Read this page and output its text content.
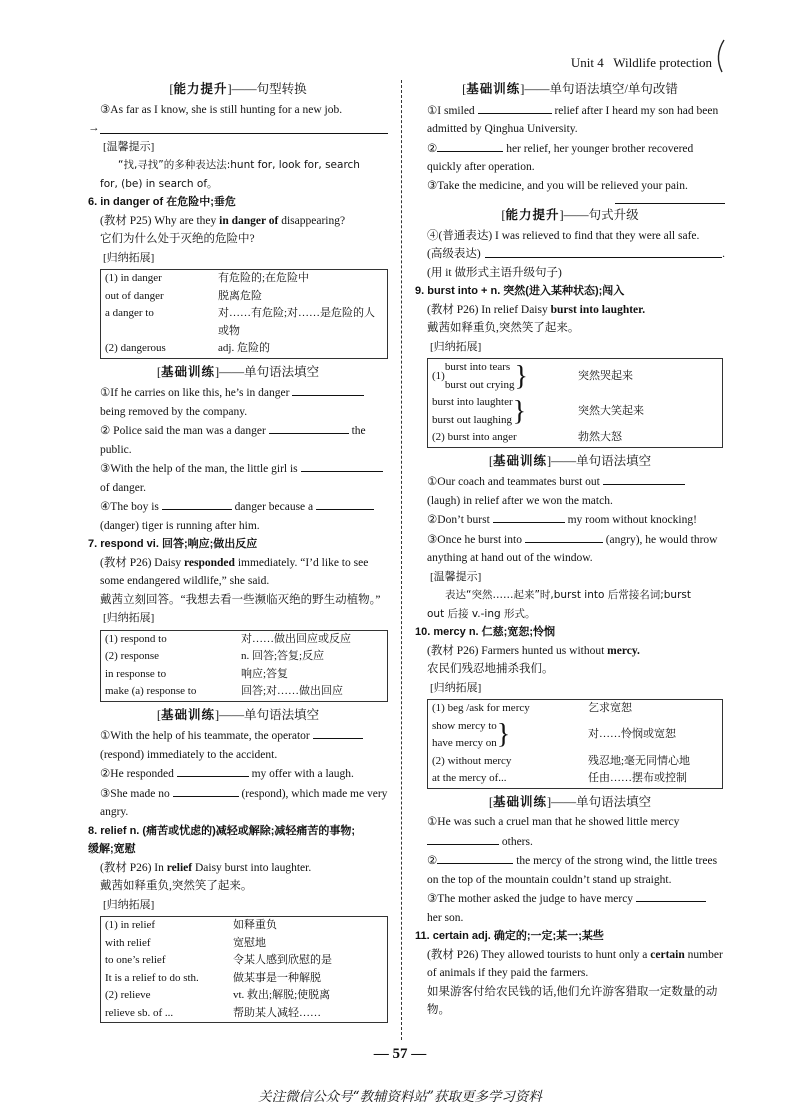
Unit 4 Wildlife protection
[能力提升]——句型转换

③As far as I know, she is still hunting for a new job.

→
[ 温馨提示 ]

“找,寻找”的多种表达法:hunt for, look for, search

for, (be) in search of。

6. in danger of 在危险中;垂危

(教材 P25) Why are they in danger of disappearing?

它们为什么处于灭绝的危险中?

[ 归纳拓展 ]
(1) in danger	有危险的;在危险中
out of danger	脱离危险
a danger to	对……有危险;对……是危险的人或物
(2) dangerous	adj. 危险的
[基础训练]——单句语法填空

①If he carries on like this, he’s in danger

being removed by the company.

② Police said the man was a danger	the

public.

③With the help of the man, the little girl is

of danger.

④The boy is	danger because a

(danger) tiger is running after him.

7. respond vi. 回答;响应;做出反应

(教材 P26) Daisy responded immediately. “I’d like to see some endangered wildlife,” she said.

戴茜立刻回答。“我想去看一些濒临灭绝的野生动植物。”

[ 归纳拓展 ]
(1) respond to	对……做出回应或反应
(2) response	n. 回答;答复;反应
in response to	响应;答复
make (a) response to	回答;对……做出回应
[基础训练]——单句语法填空

①With the help of his teammate, the operator

(respond) immediately to the accident.

②He responded	my offer with a laugh.

③She made no	(respond), which made me very angry.

8. relief n. (痛苦或忧虑的)减轻或解除;减轻痛苦的事物;

缓解;宽慰

(教材 P26) In relief Daisy burst into laughter.

戴茜如释重负,突然笑了起来。

[ 归纳拓展 ]
(1) in relief	如释重负
with relief	宽慰地
to one’s relief	令某人感到欣慰的是
It is a relief to do sth.	做某事是一种解脱
(2) relieve	vt. 救出;解脱;使脱离
relieve sb. of ...	帮助某人减轻……
[基础训练]——单句语法填空/单句改错

①I smiled	relief after I heard my son had been admitted by Qinghua University.

②	her relief, her younger brother recovered quickly after operation.

③Take the medicine, and you will be relieved your pain.

[能力提升]——句式升级

④(普通表达) I was relieved to find that they were all safe.

(高级表达)	.

(用 it 做形式主语升级句子)

9. burst into + n. 突然(进入某种状态);闯入

(教材 P26) In relief Daisy burst into laughter.

戴茜如释重负,突然笑了起来。

[ 归纳拓展 ]
(1)
burst into tears
burst out crying }	突然哭起来

burst into laughter
burst out laughing }	突然大笑起来
(2) burst into anger	勃然大怒
[基础训练]——单句语法填空

①Our coach and teammates burst out

(laugh) in relief after we won the match.

②Don’t burst	my room without knocking!

③Once he burst into	(angry), he would throw anything at hand out of the window.

[ 温馨提示 ]

表达“突然……起来”时,burst into 后常接名词;burst

out 后接 v.-ing 形式。

10. mercy n. 仁慈;宽恕;怜悯

(教材 P26) Farmers hunted us without mercy.

农民们残忍地捕杀我们。

[ 归纳拓展 ]
(1) beg /ask for mercy	乞求宽恕

show mercy to
have mercy on }	对……怜悯或宽恕
(2) without mercy	残忍地;毫无同情心地
at the mercy of...	任由……摆布或控制
[基础训练]——单句语法填空

①He was such a cruel man that he showed little mercy

others.

②	the mercy of the strong wind, the little trees on the top of the mountain couldn’t stand up straight.

③The mother asked the judge to have mercy

her son.

11. certain adj. 确定的;一定;某一;某些

(教材 P26) They allowed tourists to hunt only a certain number of animals if they paid the farmers.

如果游客付给农民钱的话,他们允许游客猎取一定数量的动物。

— 57 —
关注微信公众号“教辅资料站”获取更多学习资料
